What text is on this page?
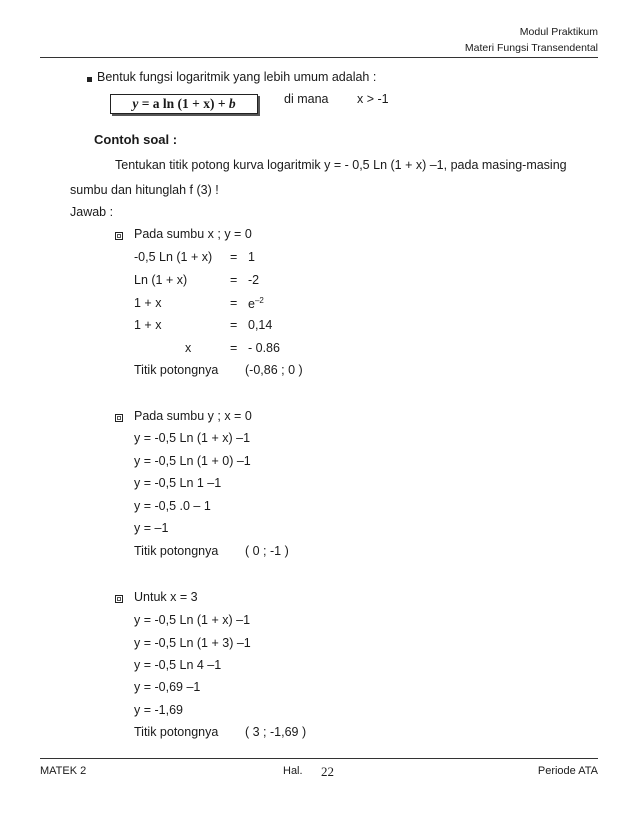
Modul Praktikum
Materi Fungsi Transendental
Bentuk fungsi logaritmik yang lebih umum adalah :
y = a ln (1 + x) + b	di mana x > -1
Contoh soal :
Tentukan titik potong kurva logaritmik y = - 0,5 Ln (1 + x) –1, pada masing-masing
sumbu dan hitunglah f (3) !
Jawab :
Pada sumbu x ; y = 0
-0,5 Ln (1 + x) = 1
Ln (1 + x)	= -2
1 + x	= $e^{-2}$
1 + x	= 0,14
x	= - 0.86
Titik potongnya (-0,86 ; 0 )
Pada sumbu y ; x = 0
y = -0,5 Ln (1 + x) –1
y = -0,5 Ln (1 + 0) –1
y = -0,5 Ln 1 –1
y = -0,5 .0 – 1
y = –1
Titik potongnya ( 0 ; -1 )
Untuk x = 3
y = -0,5 Ln (1 + x) –1
y = -0,5 Ln (1 + 3) –1
y = -0,5 Ln 4 –1
y = -0,69 –1
y = -1,69
Titik potongnya ( 3 ; -1,69 )
MATEK 2	Hal. 22	Periode ATA
